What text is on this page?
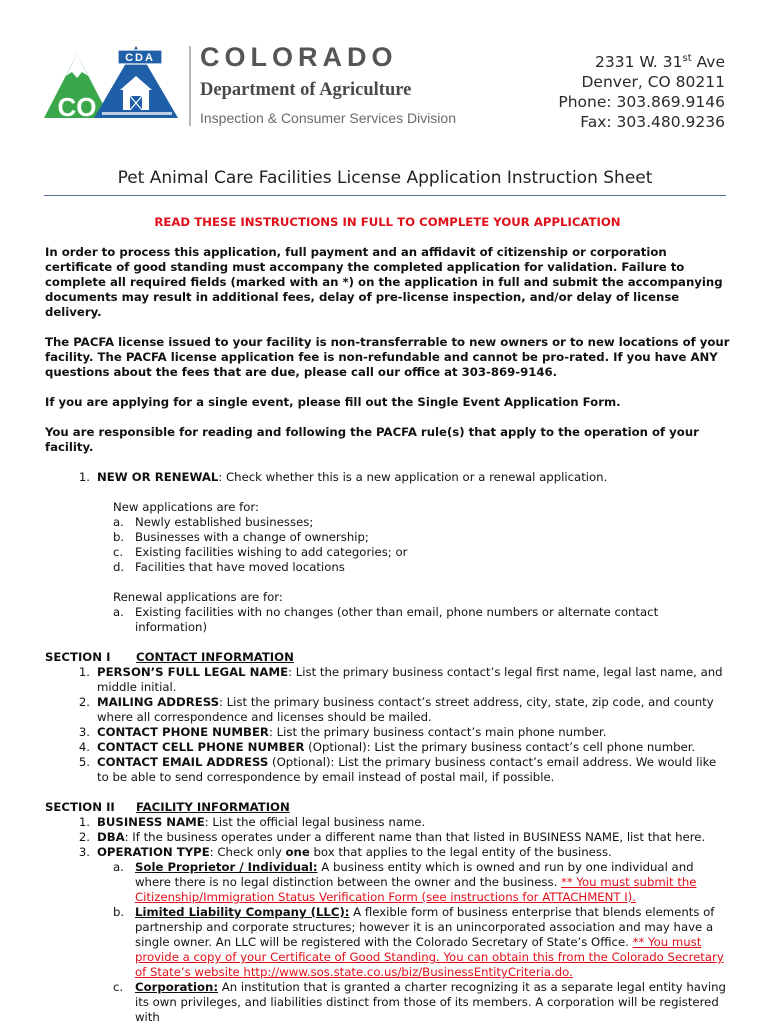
CO
CDA COLORADO
Department of Agriculture
Inspection & Consumer Services Division
2331 W. 31st Ave
Denver, CO 80211
Phone: 303.869.9146
Fax: 303.480.9236
Pet Animal Care Facilities License Application Instruction Sheet

READ THESE INSTRUCTIONS IN FULL TO COMPLETE YOUR APPLICATION

In order to process this application, full payment and an affidavit of citizenship or corporation certificate of good standing must accompany the completed application for validation. Failure to complete all required fields (marked with an *) on the application in full and submit the accompanying documents may result in additional fees, delay of pre-license inspection, and/or delay of license delivery.

The PACFA license issued to your facility is non-transferrable to new owners or to new locations of your facility. The PACFA license application fee is non-refundable and cannot be pro-rated. If you have ANY questions about the fees that are due, please call our office at 303-869-9146.

If you are applying for a single event, please fill out the Single Event Application Form.

You are responsible for reading and following the PACFA rule(s) that apply to the operation of your facility.

1. NEW OR RENEWAL: Check whether this is a new application or a renewal application.
New applications are for:
a. Newly established businesses;
b. Businesses with a change of ownership;
c.	Existing facilities wishing to add categories; or
d. Facilities that have moved locations
Renewal applications are for:
a. Existing facilities with no changes (other than email, phone numbers or alternate contact information)
SECTION I	CONTACT INFORMATION
1. PERSON’S FULL LEGAL NAME: List the primary business contact’s legal first name, legal last name, and middle initial.
2. MAILING ADDRESS: List the primary business contact’s street address, city, state, zip code, and county where all correspondence and licenses should be mailed.
3. CONTACT PHONE NUMBER: List the primary business contact’s main phone number.
4. CONTACT CELL PHONE NUMBER (Optional): List the primary business contact’s cell phone number.
5. CONTACT EMAIL ADDRESS (Optional): List the primary business contact’s email address. We would like to be able to send correspondence by email instead of postal mail, if possible.
SECTION II	FACILITY INFORMATION
1. BUSINESS NAME: List the official legal business name.
2. DBA: If the business operates under a different name than that listed in BUSINESS NAME, list that here.
3. OPERATION TYPE: Check only one box that applies to the legal entity of the business.
a. Sole Proprietor / Individual: A business entity which is owned and run by one individual and where there is no legal distinction between the owner and the business. ** You must submit the Citizenship/Immigration Status Verification Form (see instructions for ATTACHMENT I).
b. Limited Liability Company (LLC): A flexible form of business enterprise that blends elements of partnership and corporate structures; however it is an unincorporated association and may have a single owner. An LLC will be registered with the Colorado Secretary of State’s Office. ** You must provide a copy of your Certificate of Good Standing. You can obtain this from the Colorado Secretary of State’s website http://www.sos.state.co.us/biz/BusinessEntityCriteria.do.
c.	Corporation: An institution that is granted a charter recognizing it as a separate legal entity having its own privileges, and liabilities distinct from those of its members. A corporation will be registered with
